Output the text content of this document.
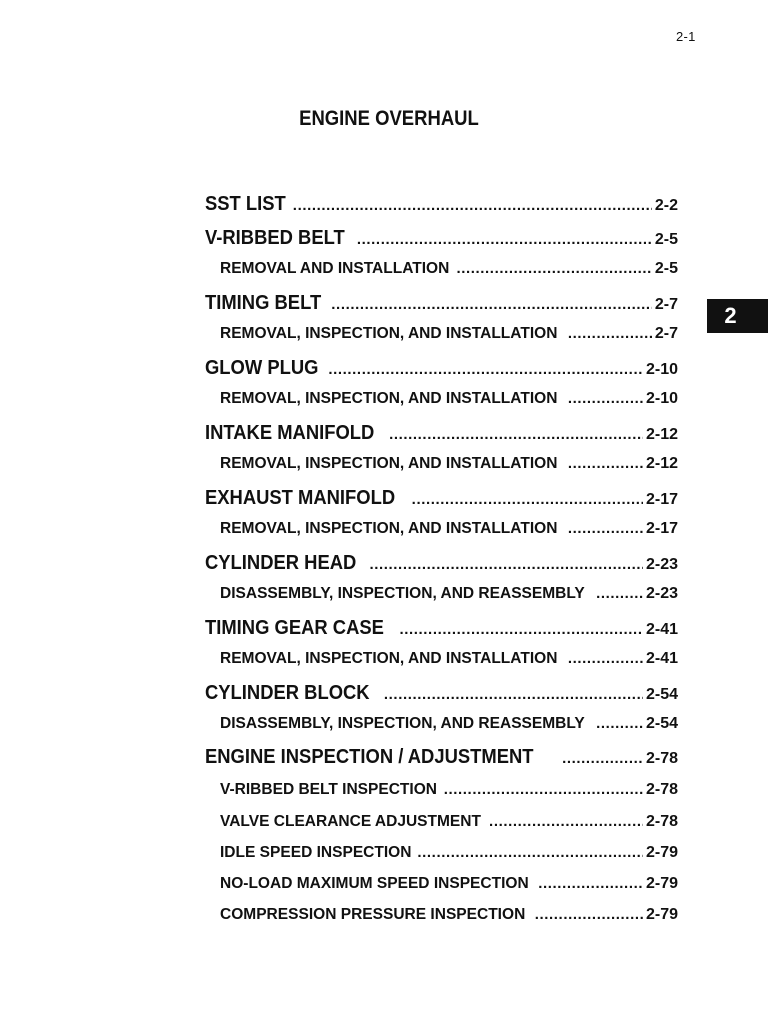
2-1
ENGINE OVERHAUL
2
SST LIST .....	2-2
V-RIBBED BELT .....	2-5
REMOVAL AND INSTALLATION .....	2-5
TIMING BELT .....	2-7
REMOVAL, INSPECTION, AND INSTALLATION .....	2-7
GLOW PLUG .....	2-10
REMOVAL, INSPECTION, AND INSTALLATION .....	2-10
INTAKE MANIFOLD .....	2-12
REMOVAL, INSPECTION, AND INSTALLATION .....	2-12
EXHAUST MANIFOLD .....	2-17
REMOVAL, INSPECTION, AND INSTALLATION .....	2-17
CYLINDER HEAD .....	2-23
DISASSEMBLY, INSPECTION, AND REASSEMBLY .....	2-23
TIMING GEAR CASE .....	2-41
REMOVAL, INSPECTION, AND INSTALLATION .....	2-41
CYLINDER BLOCK .....	2-54
DISASSEMBLY, INSPECTION, AND REASSEMBLY .....	2-54
ENGINE INSPECTION / ADJUSTMENT .....	2-78
V-RIBBED BELT INSPECTION .....	2-78
VALVE CLEARANCE ADJUSTMENT .....	2-78
IDLE SPEED INSPECTION .....	2-79
NO-LOAD MAXIMUM SPEED INSPECTION .....	2-79
COMPRESSION PRESSURE INSPECTION .....	2-79
